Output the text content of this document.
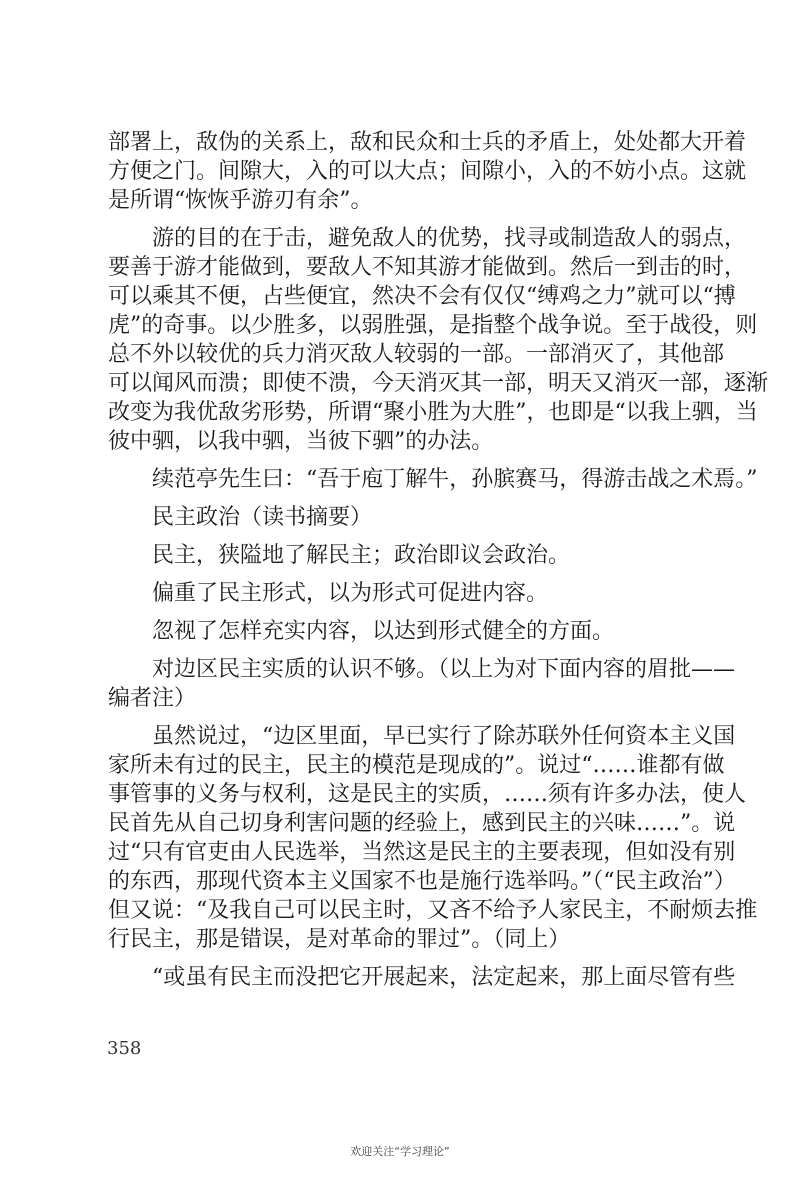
部署上，敌伪的关系上，敌和民众和士兵的矛盾上，处处都大开着
方便之门。间隙大，入的可以大点；间隙小，入的不妨小点。这就
是所谓“恢恢乎游刃有余”。
游的目的在于击，避免敌人的优势，找寻或制造敌人的弱点，
要善于游才能做到，要敌人不知其游才能做到。然后一到击的时，
可以乘其不便，占些便宜，然决不会有仅仅“缚鸡之力”就可以“搏
虎”的奇事。以少胜多，以弱胜强，是指整个战争说。至于战役，则
总不外以较优的兵力消灭敌人较弱的一部。一部消灭了，其他部
可以闻风而溃；即使不溃，今天消灭其一部，明天又消灭一部，逐渐
改变为我优敌劣形势，所谓“聚小胜为大胜”，也即是“以我上驷，当
彼中驷，以我中驷，当彼下驷”的办法。
续范亭先生曰：“吾于庖丁解牛，孙膑赛马，得游击战之术焉。”
民主政治（读书摘要）
民主，狭隘地了解民主；政治即议会政治。
偏重了民主形式，以为形式可促进内容。
忽视了怎样充实内容，以达到形式健全的方面。
对边区民主实质的认识不够。（以上为对下面内容的眉批——
编者注）
虽然说过，“边区里面，早已实行了除苏联外任何资本主义国
家所未有过的民主，民主的模范是现成的”。说过“……谁都有做
事管事的义务与权利，这是民主的实质，……须有许多办法，使人
民首先从自己切身利害问题的经验上，感到民主的兴味……”。说
过“只有官吏由人民选举，当然这是民主的主要表现，但如没有别
的东西，那现代资本主义国家不也是施行选举吗。”（“民主政治”）
但又说：“及我自己可以民主时，又吝不给予人家民主，不耐烦去推
行民主，那是错误，是对革命的罪过”。（同上）
“或虽有民主而没把它开展起来，法定起来，那上面尽管有些
358
欢迎关注“学习理论”
